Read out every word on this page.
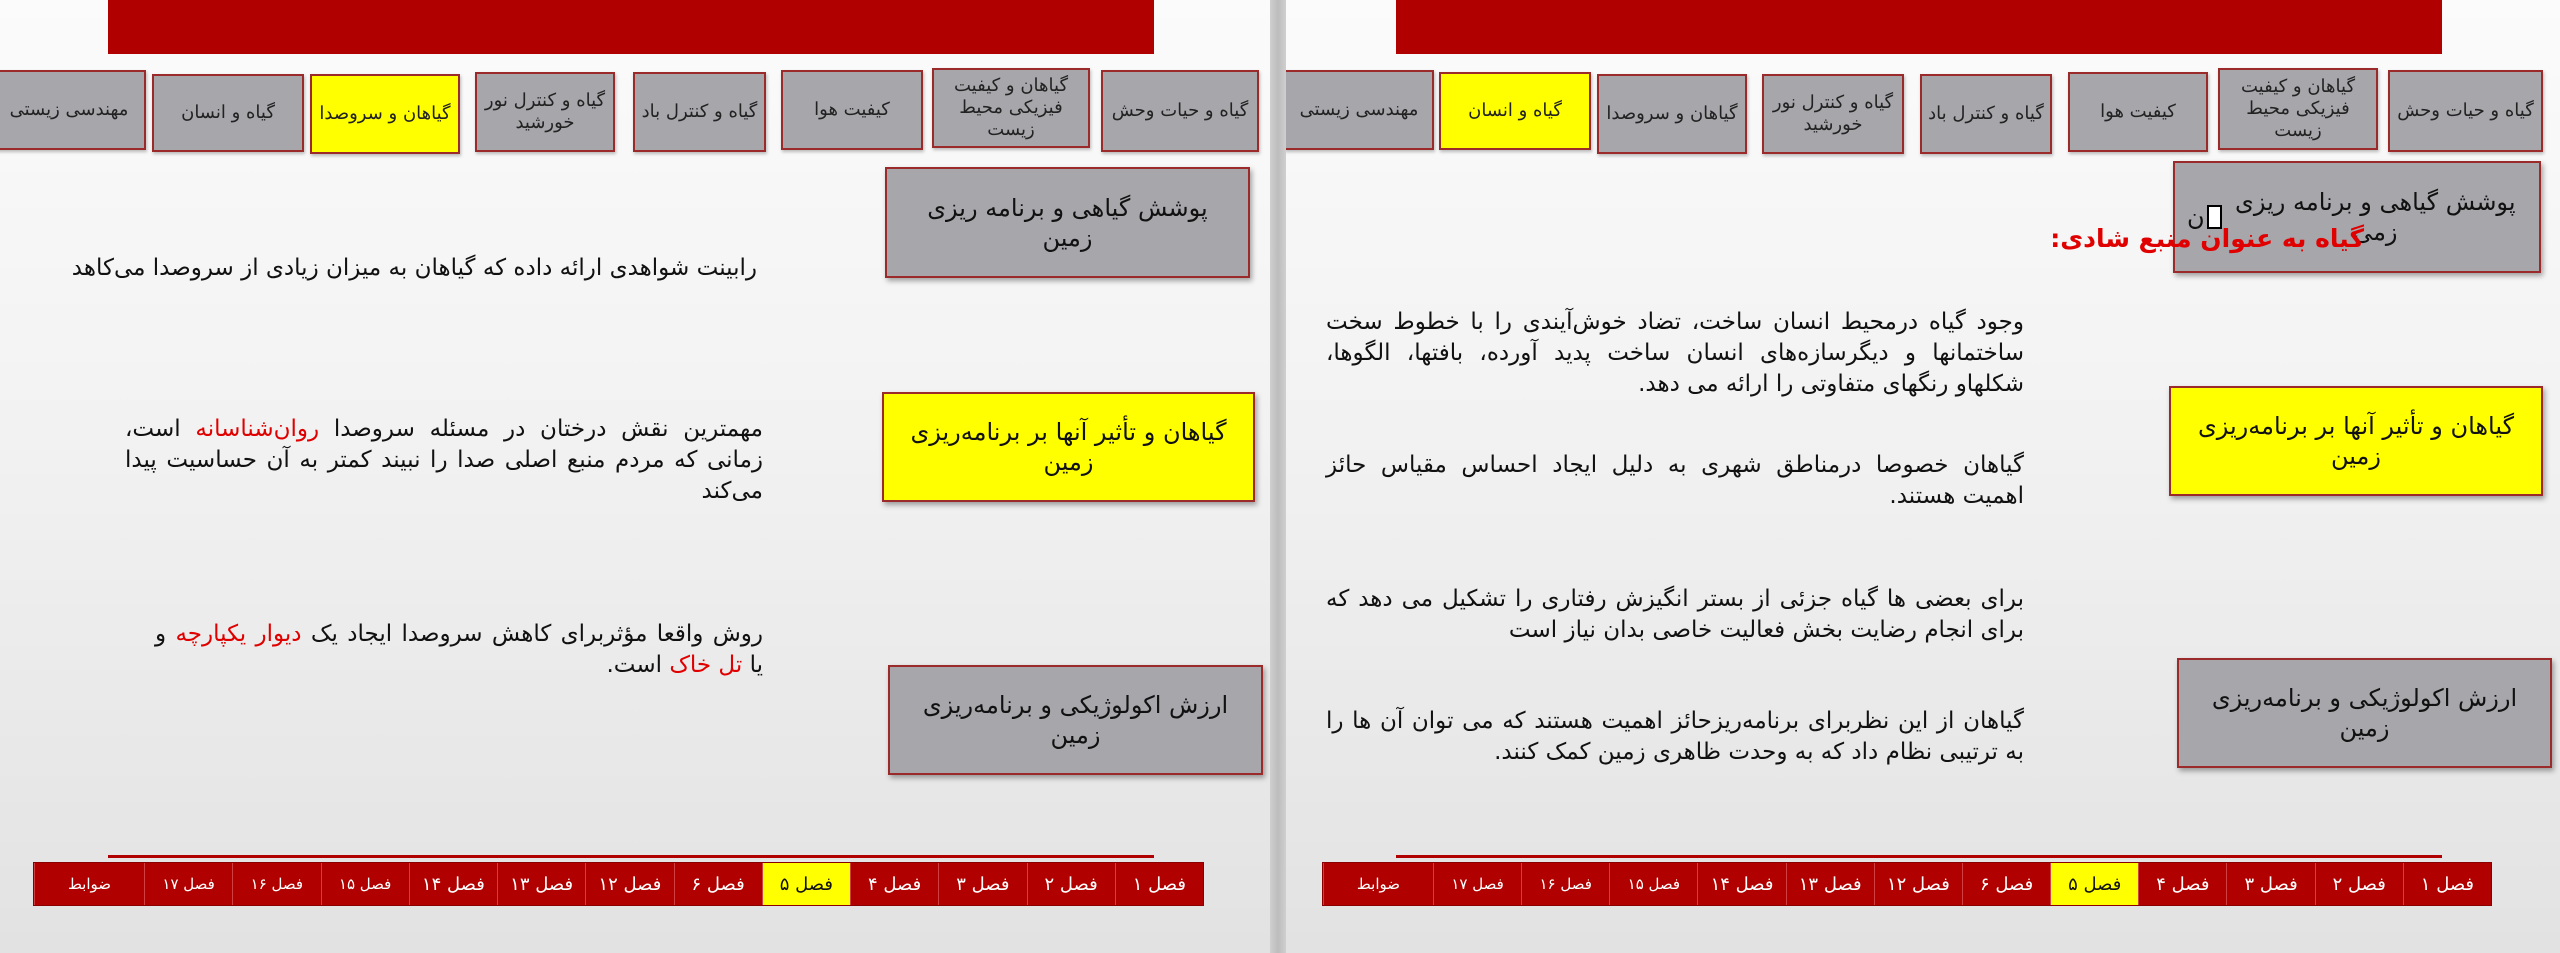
گیاه و حیات وحش
گیاهان و کیفیت فیزیکی محیط زیست
کیفیت هوا
گیاه و کنترل باد
گیاه و کنترل نور خورشید
گیاهان و سروصدا
گیاه و انسان
مهندسی زیستی
پوشش گیاهی و برنامه ریزی زمین
گیاهان و تأثیر آنها بر برنامه‌ریزی زمین
ارزش اکولوژیکی و برنامه‌ریزی زمین
رابینت شواهدی ارائه داده که گیاهان به میزان زیادی از سروصدا می‌کاهد
مهمترین نقش درختان در مسئله سروصدا روان‌شناسانه است، زمانی که مردم منبع اصلی صدا را نبیند کمتر به آن حساسیت پیدا می‌کند
روش واقعا مؤثربرای کاهش سروصدا ایجاد یک دیوار یکپارچه و یا تل خاک است.
فصل ۱
فصل ۲
فصل ۳
فصل ۴
فصل ۵
فصل ۶
فصل ۱۲
فصل ۱۳
فصل ۱۴
فصل ۱۵
فصل ۱۶
فصل ۱۷
ضوابط
گیاه و حیات وحش
گیاهان و کیفیت فیزیکی محیط زیست
کیفیت هوا
گیاه و کنترل باد
گیاه و کنترل نور خورشید
گیاهان و سروصدا
گیاه و انسان
مهندسی زیستی
پوشش گیاهی و برنامه ریزی زمی
ن
گیاهان و تأثیر آنها بر برنامه‌ریزی زمین
ارزش اکولوژیکی و برنامه‌ریزی زمین
گیاه به عنوان منبع شادی:
وجود گیاه درمحیط انسان ساخت، تضاد خوش‌آیندی را با خطوط سخت ساختمانها و دیگرسازه‌های انسان ساخت پدید آورده، بافتها، الگوها، شکلهاو رنگهای متفاوتی را ارائه می دهد.
گیاهان خصوصا درمناطق شهری به دلیل ایجاد احساس مقیاس حائز اهمیت هستند.
برای بعضی ها گیاه جزئی از بستر انگیزش رفتاری را تشکیل می دهد که برای انجام رضایت بخش فعالیت خاصی بدان نیاز است
گیاهان از این نظربرای برنامه‌ریزحائز اهمیت هستند که می توان آن ها را به ترتیبی نظام داد که به وحدت ظاهری زمین کمک کنند.
فصل ۱
فصل ۲
فصل ۳
فصل ۴
فصل ۵
فصل ۶
فصل ۱۲
فصل ۱۳
فصل ۱۴
فصل ۱۵
فصل ۱۶
فصل ۱۷
ضوابط
